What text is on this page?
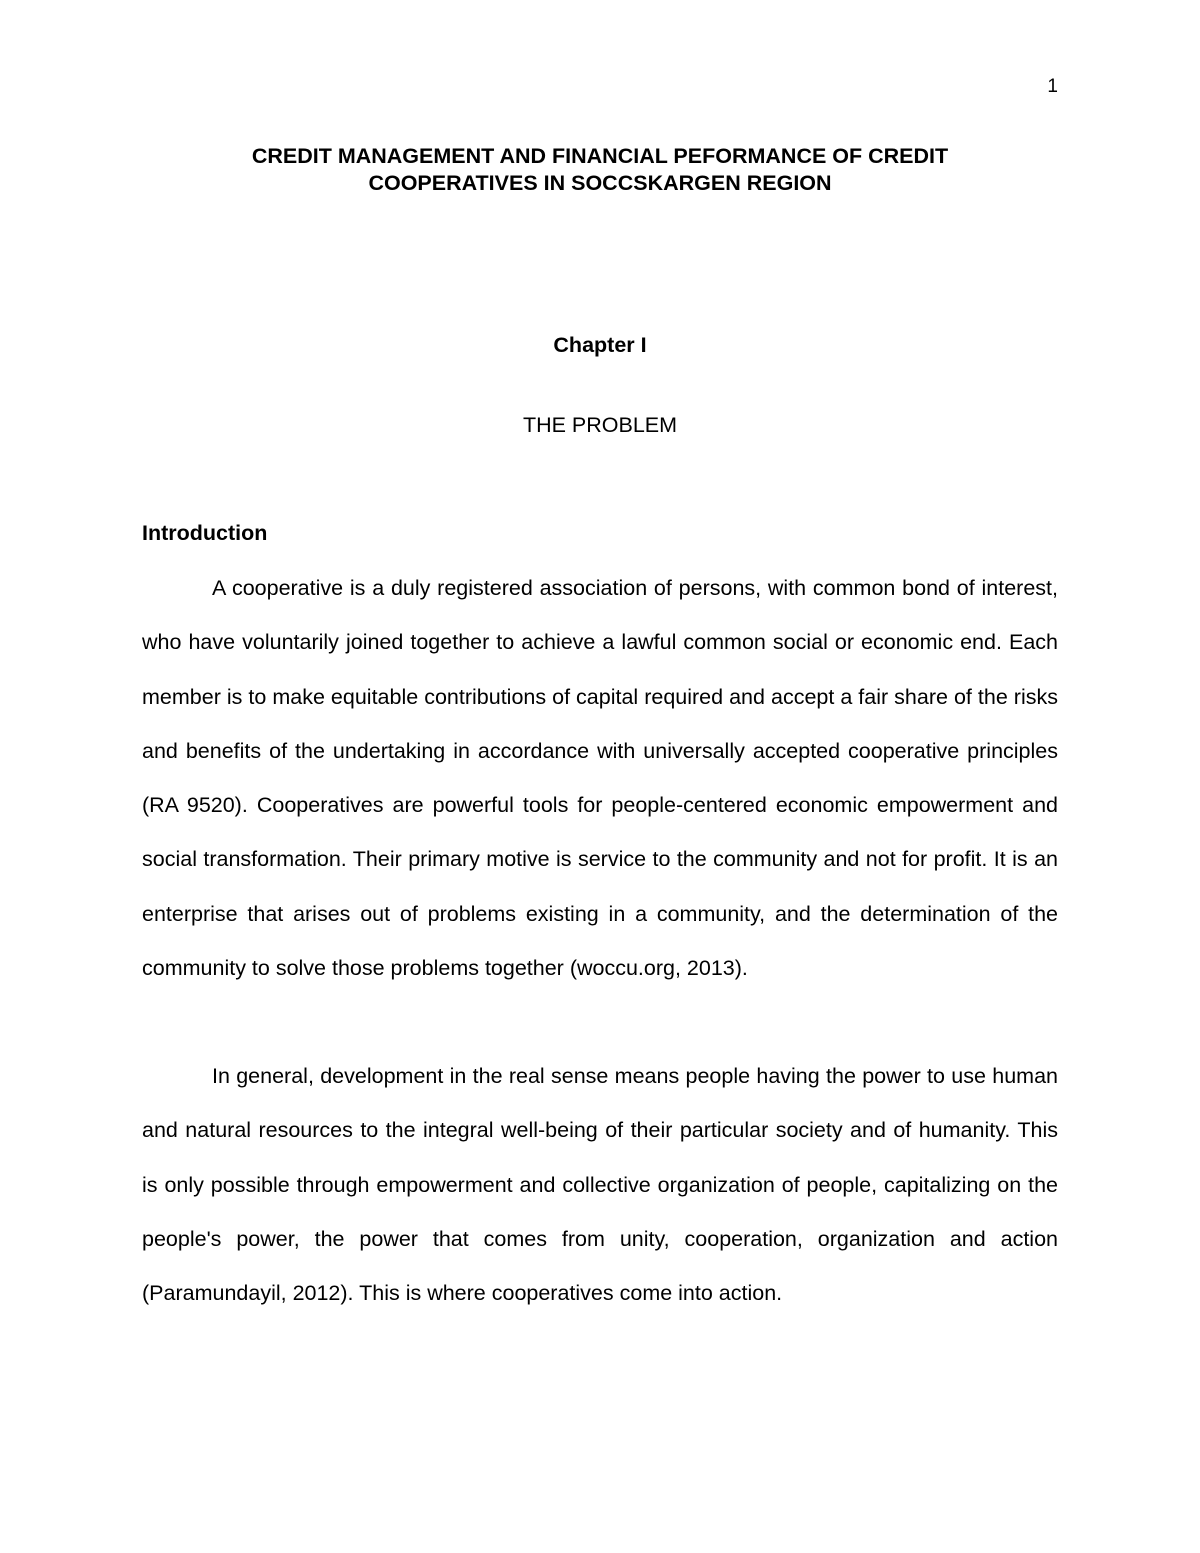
1
CREDIT MANAGEMENT AND FINANCIAL PEFORMANCE OF CREDIT
COOPERATIVES IN SOCCSKARGEN REGION
Chapter I
THE PROBLEM
Introduction

A cooperative is a duly registered association of persons, with common bond of interest, who have voluntarily joined together to achieve a lawful common social or economic end. Each member is to make equitable contributions of capital required and accept a fair share of the risks and benefits of the undertaking in accordance with universally accepted cooperative principles (RA 9520). Cooperatives are powerful tools for people-centered economic empowerment and social transformation. Their primary motive is service to the community and not for profit. It is an enterprise that arises out of problems existing in a community, and the determination of the community to solve those problems together (woccu.org, 2013).

In general, development in the real sense means people having the power to use human and natural resources to the integral well-being of their particular society and of humanity. This is only possible through empowerment and collective organization of people, capitalizing on the people's power, the power that comes from unity, cooperation, organization and action (Paramundayil, 2012). This is where cooperatives come into action.
